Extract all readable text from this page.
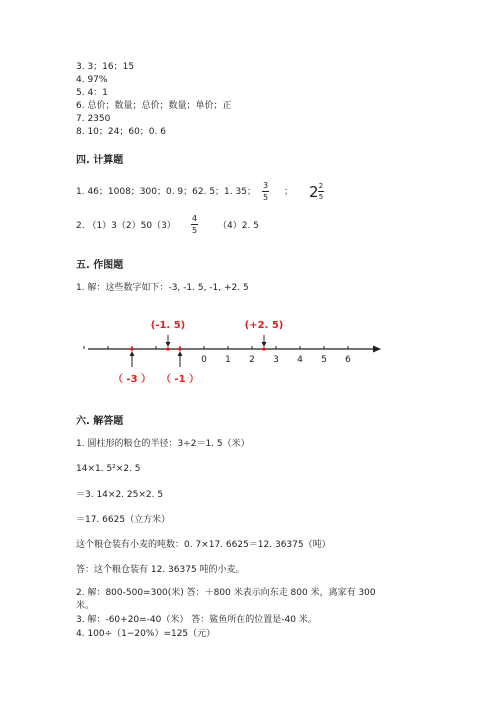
3. 3；16；15
4. 97%
5. 4：1
6. 总价；数量；总价；数量；单价；正
7. 2350
8. 10；24；60；0. 6
四. 计算题
1. 46；1008；300；0. 9；62. 5；1. 35；
3
5
； 2 2
5
2. （1）3（2）50（3）
4
5 （4）2. 5
五. 作图题
1. 解：这些数字如下：-3, -1. 5, -1, +2. 5
0 1 2 3 4 5 6
(-1. 5)	(+2. 5)
（ -3 ） （ -1 ）
六. 解答题
1. 圆柱形的粮仓的半径：3÷2＝1. 5（米）
14×1. 5²×2. 5
＝3. 14×2. 25×2. 5
＝17. 6625（立方米）
这个粮仓装有小麦的吨数：0. 7×17. 6625＝12. 36375（吨）
答：这个粮仓装有 12. 36375 吨的小麦。
2. 解：800-500=300(米) 答：＋800 米表示向东走 800 米，离家有 300
米。
3. 解：-60+20=-40（米） 答：鲨鱼所在的位置是-40 米。
4. 100÷（1−20%）=125（元）
